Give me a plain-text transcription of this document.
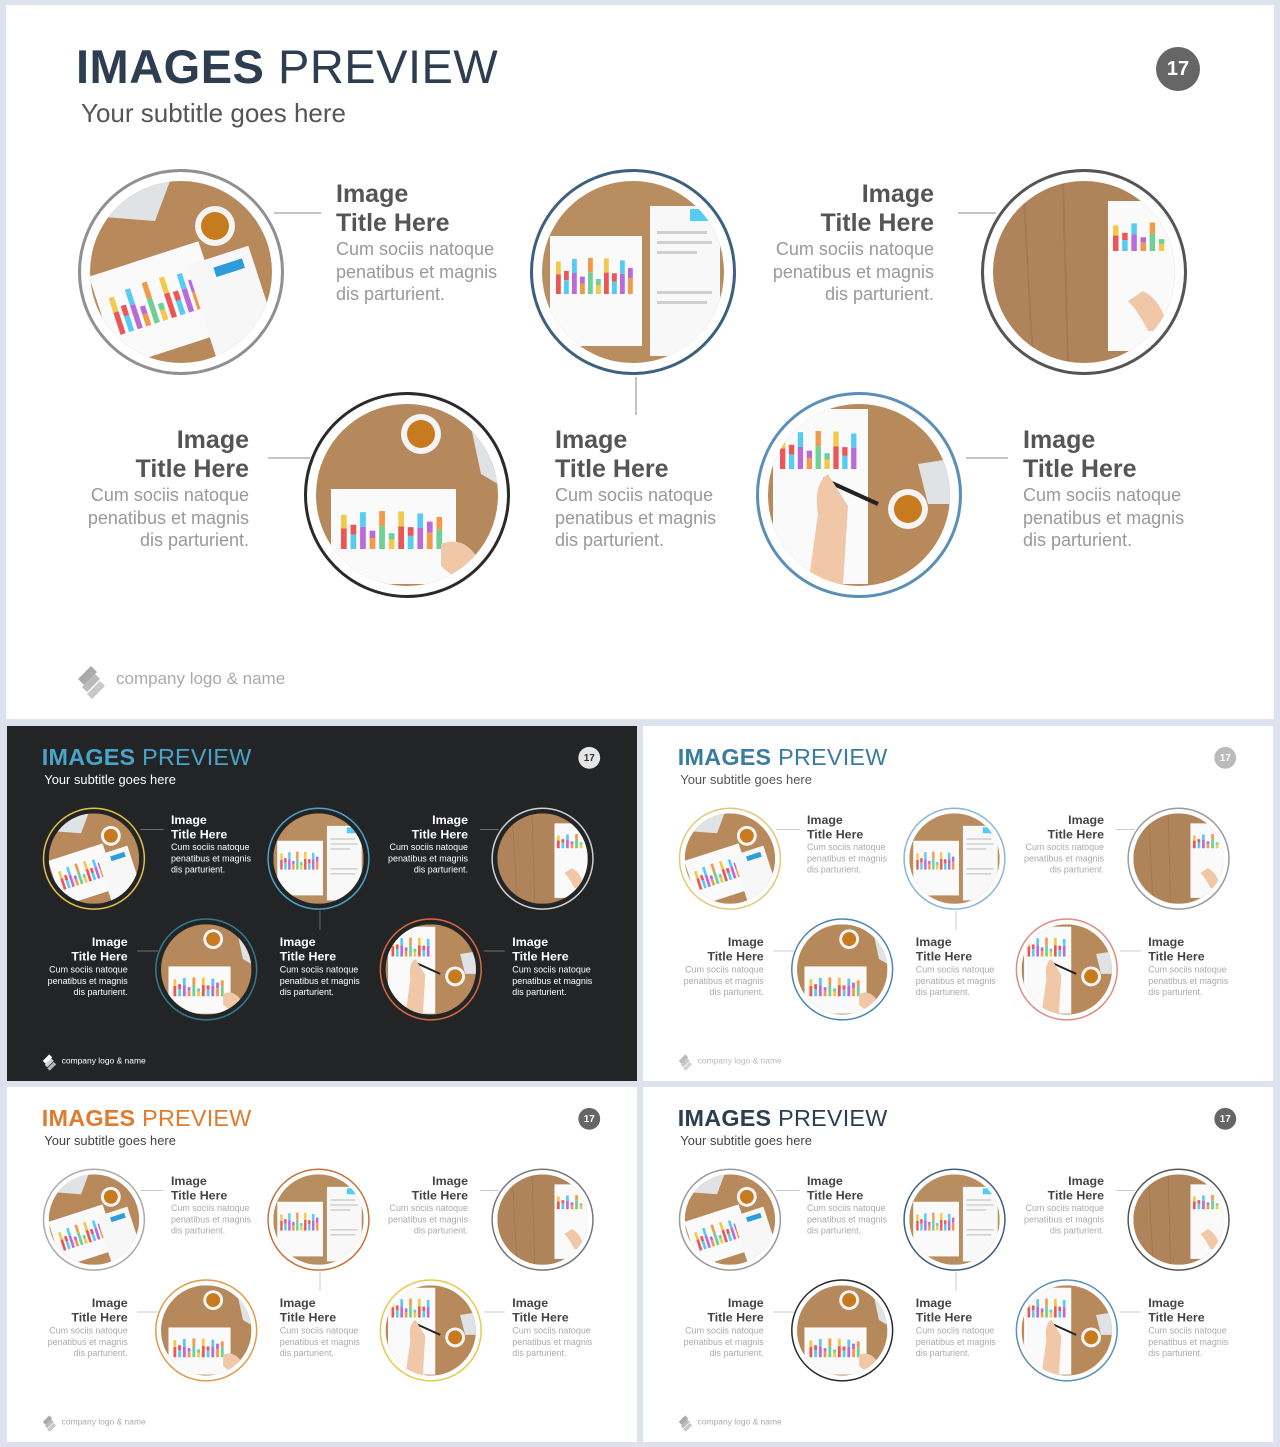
IMAGES PREVIEW
Your subtitle goes here
17
Image
Title Here
Cum sociis natoque
penatibus et magnis
dis parturient.
Image
Title Here
Cum sociis natoque
penatibus et magnis
dis parturient.
Image
Title Here
Cum sociis natoque
penatibus et magnis
dis parturient.
Image
Title Here
Cum sociis natoque
penatibus et magnis
dis parturient.
Image
Title Here
Cum sociis natoque
penatibus et magnis
dis parturient.
company logo & name
IMAGES PREVIEW
Your subtitle goes here
17
Image
Title Here
Cum sociis natoque
penatibus et magnis
dis parturient.
Image
Title Here
Cum sociis natoque
penatibus et magnis
dis parturient.
Image
Title Here
Cum sociis natoque
penatibus et magnis
dis parturient.
Image
Title Here
Cum sociis natoque
penatibus et magnis
dis parturient.
Image
Title Here
Cum sociis natoque
penatibus et magnis
dis parturient.
company logo & name
IMAGES PREVIEW
Your subtitle goes here
17
Image
Title Here
Cum sociis natoque
penatibus et magnis
dis parturient.
Image
Title Here
Cum sociis natoque
penatibus et magnis
dis parturient.
Image
Title Here
Cum sociis natoque
penatibus et magnis
dis parturient.
Image
Title Here
Cum sociis natoque
penatibus et magnis
dis parturient.
Image
Title Here
Cum sociis natoque
penatibus et magnis
dis parturient.
company logo & name
IMAGES PREVIEW
Your subtitle goes here
17
Image
Title Here
Cum sociis natoque
penatibus et magnis
dis parturient.
Image
Title Here
Cum sociis natoque
penatibus et magnis
dis parturient.
Image
Title Here
Cum sociis natoque
penatibus et magnis
dis parturient.
Image
Title Here
Cum sociis natoque
penatibus et magnis
dis parturient.
Image
Title Here
Cum sociis natoque
penatibus et magnis
dis parturient.
company logo & name
IMAGES PREVIEW
Your subtitle goes here
17
Image
Title Here
Cum sociis natoque
penatibus et magnis
dis parturient.
Image
Title Here
Cum sociis natoque
penatibus et magnis
dis parturient.
Image
Title Here
Cum sociis natoque
penatibus et magnis
dis parturient.
Image
Title Here
Cum sociis natoque
penatibus et magnis
dis parturient.
Image
Title Here
Cum sociis natoque
penatibus et magnis
dis parturient.
company logo & name
